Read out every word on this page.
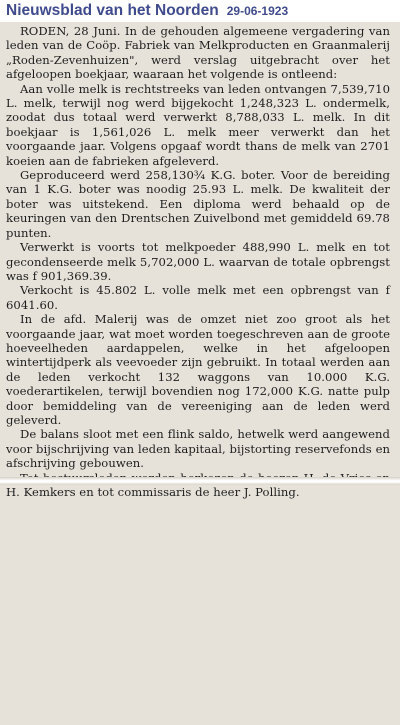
Nieuwsblad van het Noorden 29-06-1923

RODEN, 28 Juni. In de gehouden algemeene vergadering van leden van de Coöp. Fabriek van Melkproducten en Graanmalerij „Roden-Zevenhuizen", werd verslag uitgebracht over het afgeloopen boekjaar, waaraan het volgende is ontleend:

Aan volle melk is rechtstreeks van leden ontvangen 7,539,710 L. melk, terwijl nog werd bijgekocht 1,248,323 L. ondermelk, zoodat dus totaal werd verwerkt 8,788,033 L. melk. In dit boekjaar is 1,561,026 L. melk meer verwerkt dan het voorgaande jaar. Volgens opgaaf wordt thans de melk van 2701 koeien aan de fabrieken afgeleverd.

Geproduceerd werd 258,130¾ K.G. boter. Voor de bereiding van 1 K.G. boter was noodig 25.93 L. melk. De kwaliteit der boter was uitstekend. Een diploma werd behaald op de keuringen van den Drentschen Zuivelbond met gemiddeld 69.78 punten.

Verwerkt is voorts tot melkpoeder 488,990 L. melk en tot gecondenseerde melk 5,702,000 L. waarvan de totale opbrengst was f 901,369.39.

Verkocht is 45.802 L. volle melk met een opbrengst van f 6041.60.

In de afd. Malerij was de omzet niet zoo groot als het voorgaande jaar, wat moet worden toegeschreven aan de groote hoeveelheden aardappelen, welke in het afgeloopen wintertijdperk als veevoeder zijn gebruikt. In totaal werden aan de leden verkocht 132 waggons van 10.000 K.G. voederartikelen, terwijl bovendien nog 172,000 K.G. natte pulp door bemiddeling van de vereeniging aan de leden werd geleverd.

De balans sloot met een flink saldo, hetwelk werd aangewend voor bijschrijving van leden kapitaal, bijstorting reservefonds en afschrijving gebouwen.

H. Kemkers en tot commissaris de heer J. Polling.
